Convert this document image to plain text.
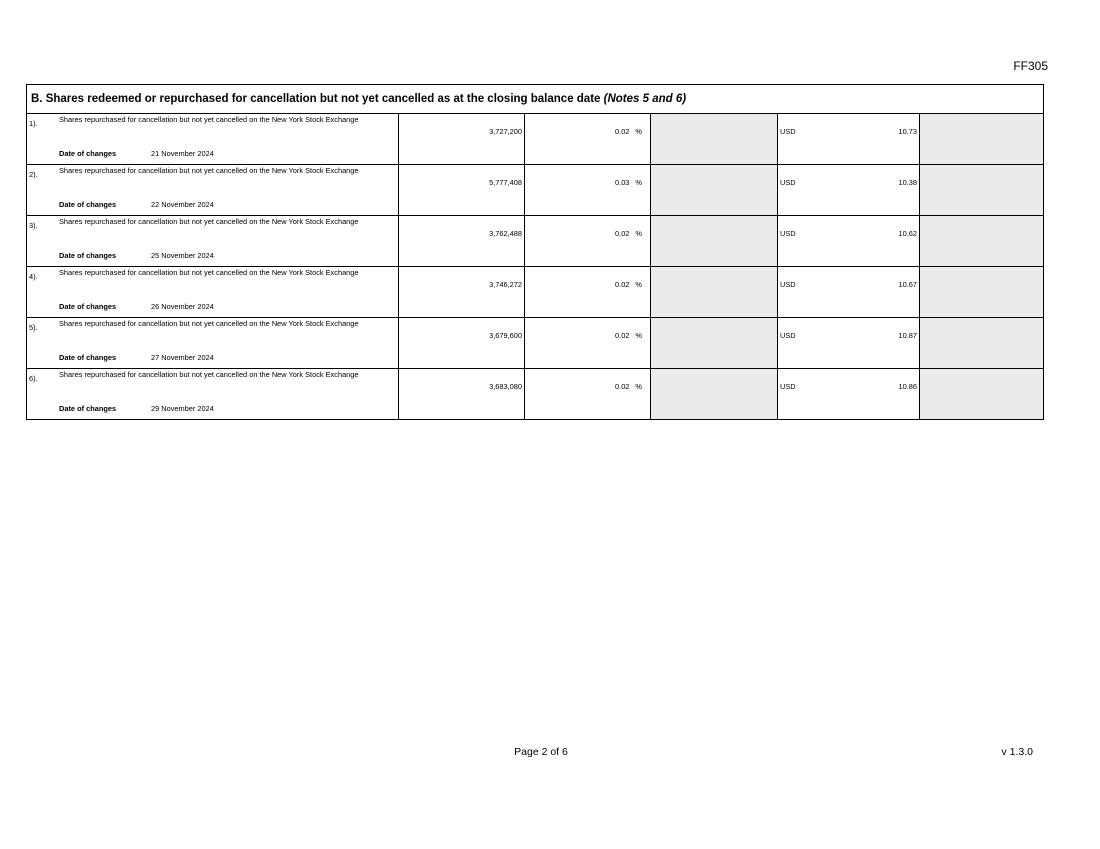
FF305
B. Shares redeemed or repurchased for cancellation but not yet cancelled as at the closing balance date (Notes 5 and 6)
1).	Shares repurchased for cancellation but not yet cancelled on the New York Stock Exchange
Date of changes	21 November 2024
3,727,200	0.02 %	USD	10.73
2).	Shares repurchased for cancellation but not yet cancelled on the New York Stock Exchange
Date of changes	22 November 2024
5,777,408	0.03 %	USD	10.38
3).	Shares repurchased for cancellation but not yet cancelled on the New York Stock Exchange
Date of changes	25 November 2024
3,762,488	0.02 %	USD	10.62
4).	Shares repurchased for cancellation but not yet cancelled on the New York Stock Exchange
Date of changes	26 November 2024
3,746,272	0.02 %	USD	10.67
5).	Shares repurchased for cancellation but not yet cancelled on the New York Stock Exchange
Date of changes	27 November 2024
3,679,600	0.02 %	USD	10.87
6).	Shares repurchased for cancellation but not yet cancelled on the New York Stock Exchange
Date of changes	29 November 2024
3,683,080	0.02 %	USD	10.86
Page 2 of 6	v 1.3.0
